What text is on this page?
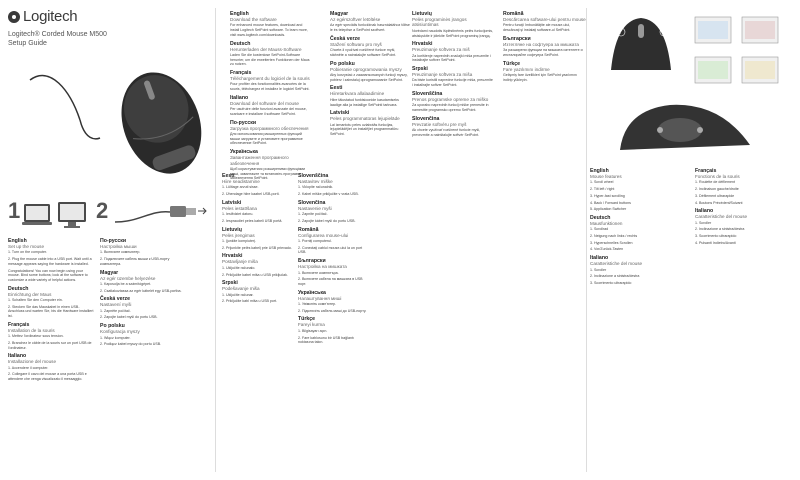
Logitech
Logitech® Corded Mouse M500
Setup Guide
1	2
English
Set up the mouse

1. Turn on the computer.

2. Plug the mouse cable into a USB port. Wait until a message appears saying the hardware is installed.

Congratulations! You can now begin using your mouse. Bind some buttons; look at the software to customize a wide variety of helpful actions.

Deutsch
Einrichtung der Maus

1. Schalten Sie den Computer ein.

2. Stecken Sie das Mauskabel in einen USB-Anschluss und warten Sie, bis die Hardware installiert ist.

Français
Installation de la souris

1. Mettez l'ordinateur sous tension.

2. Branchez le câble de la souris sur un port USB de l'ordinateur.

Italiano
Installazione del mouse

1. Accendere il computer.

2. Collegare il cavo del mouse a una porta USB e attendere che venga visualizzato il messaggio.

По-русски
Настройка мыши

1. Включите компьютер.

2. Подключите кабель мыши к USB-порту компьютера.

Magyar
Az egér üzembe helyezése

1. Kapcsolja be a számítógépet.

2. Csatlakoztassa az egér kábelét egy USB-portba.

Česká verze
Nastavení myši

1. Zapněte počítač.

2. Zapojte kabel myši do portu USB.

Po polsku
Konfiguracja myszy

1. Włącz komputer.

2. Podłącz kabel myszy do portu USB.

Eesti
Hiire seadistamine

1. Lülitage arvuti sisse.

2. Ühendage hiire kaabel USB-porti.

Latviski
Peles iestatīšana

1. Ieslēdziet datoru.

2. Iespraudiet peles kabeli USB portā.

Lietuvių
Pelės įrengimas

1. Įjunkite kompiuterį.

2. Prijunkite pelės kabelį prie USB prievado.

Hrvatski
Postavljanje miša

1. Uključite računalo.

2. Priključite kabel miša u USB priključak.

Srpski
Podešavanje miša

1. Uključite računar.

2. Priključite kabl miša u USB port.

Slovenščina
Nastavitev miške

1. Vklopite računalnik.

2. Kabel miške priključite v vrata USB.

Slovenčina
Nastavenie myši

1. Zapnite počítač.

2. Zapojte kábel myši do portu USB.

Română
Configurarea mouse-ului

1. Porniţi computerul.

2. Conectaţi cablul mouse-ului la un port USB.

Български
Настройка на мишката

1. Включете компютъра.

2. Включете кабела на мишката в USB порт.

Українська
Налаштування миші

1. Увімкніть комп'ютер.

2. Підключіть кабель миші до USB-порту.

Türkçe
Fareyi kurma

1. Bilgisayarı açın.

2. Fare kablosunu bir USB bağlantı noktasına takın.

English
Download the software

For enhanced mouse features, download and install Logitech SetPoint software. To learn more, visit www.logitech.com/downloads.

Deutsch
Herunterladen der Mauss-Software

Laden Sie die kostenlose SetPoint-Software herunter, um die erweiterten Funktionen der Maus zu nutzen.

Français
Téléchargement du logiciel de la souris

Pour profiter des fonctionnalités avancées de la souris, téléchargez et installez le logiciel SetPoint.

Italiano
Download del software del mouse

Per usufruire delle funzioni avanzate del mouse, scaricare e installare il software SetPoint.

По-русски
Загрузка программного обеспечения

Для использования расширенных функций мыши загрузите и установите программное обеспечение SetPoint.

Українська
Завантаження програмного забезпечення

Щоб користуватися розширеними функціями миші, завантажте та встановіть програмне забезпечення SetPoint.

Magyar
Az egérszoftver letöltése

Az egér speciális funkcióinak használatához töltse le és telepítse a SetPoint szoftvert.

Česká verze
Stažení softwaru pro myš

Chcete-li využívat rozšířené funkce myši, stáhněte a nainstalujte software SetPoint.

Po polsku
Pobieranie oprogramowania myszy

Aby korzystać z zaawansowanych funkcji myszy, pobierz i zainstaluj oprogramowanie SetPoint.

Eesti
Hiiretarkvara allalaadimine

Hiire täiustatud funktsioonide kasutamiseks laadige alla ja installige SetPointi tarkvara.

Latviski
Peles programmatūras lejupielāde

Lai izmantotu peles uzlabotās funkcijas, lejupielādējiet un instalējiet programmatūru SetPoint.

Lietuvių
Pelės programinės įrangos atsisiuntimas

Norėdami naudotis išplėstinėmis pelės funkcijomis, atsisiųskite ir įdiekite SetPoint programinę įrangą.

Hrvatski
Preuzimanje softvera za miš

Za korištenje naprednih značajki miša preuzmite i instalirajte softver SetPoint.

Srpski
Preuzimanje softvera za miša

Da biste koristili napredne funkcije miša, preuzmite i instalirajte softver SetPoint.

Slovenščina
Prenos programske opreme za miško

Za uporabo naprednih funkcij miške prenesite in namestite programsko opremo SetPoint.

Slovenčina
Prevzatie softvéru pre myš

Ak chcete využívať rozšírené funkcie myši, prevezmite a nainštalujte softvér SetPoint.

Română
Descărcarea software-ului pentru mouse

Pentru funcţii îmbunătăţite ale mouse-ului, descărcaţi şi instalaţi software-ul SetPoint.

Български
Изтегляне на софтуера за мишката

За разширени функции на мишката изтеглете и инсталирайте софтуера SetPoint.

Türkçe
Fare yazılımını indirme

Gelişmiş fare özellikleri için SetPoint yazılımını indirip yükleyin.

English
Mouse features

1. Scroll wheel

2. Tilt left / right

3. Hyper-fast scrolling

4. Back / Forward buttons

5. Application Switcher

Deutsch
Mausfunktionen

1. Scrollrad

2. Neigung nach links / rechts

3. Hyperschnelles Scrollen

4. Vor/Zurück-Tasten

Italiano
Caratteristiche del mouse

1. Scroller

2. Inclinazione a sinistra/destra

3. Scorrimento ultrarapido

Français
Fonctions de la souris

1. Roulette de défilement

2. Inclinaison gauche/droite

3. Défilement ultrarapide

4. Boutons Précédent/Suivant

Italiano
Caratteristiche del mouse

1. Scroller

2. Inclinazione a sinistra/destra

3. Scorrimento ultrarapido

4. Pulsanti Indietro/Avanti

1	2
